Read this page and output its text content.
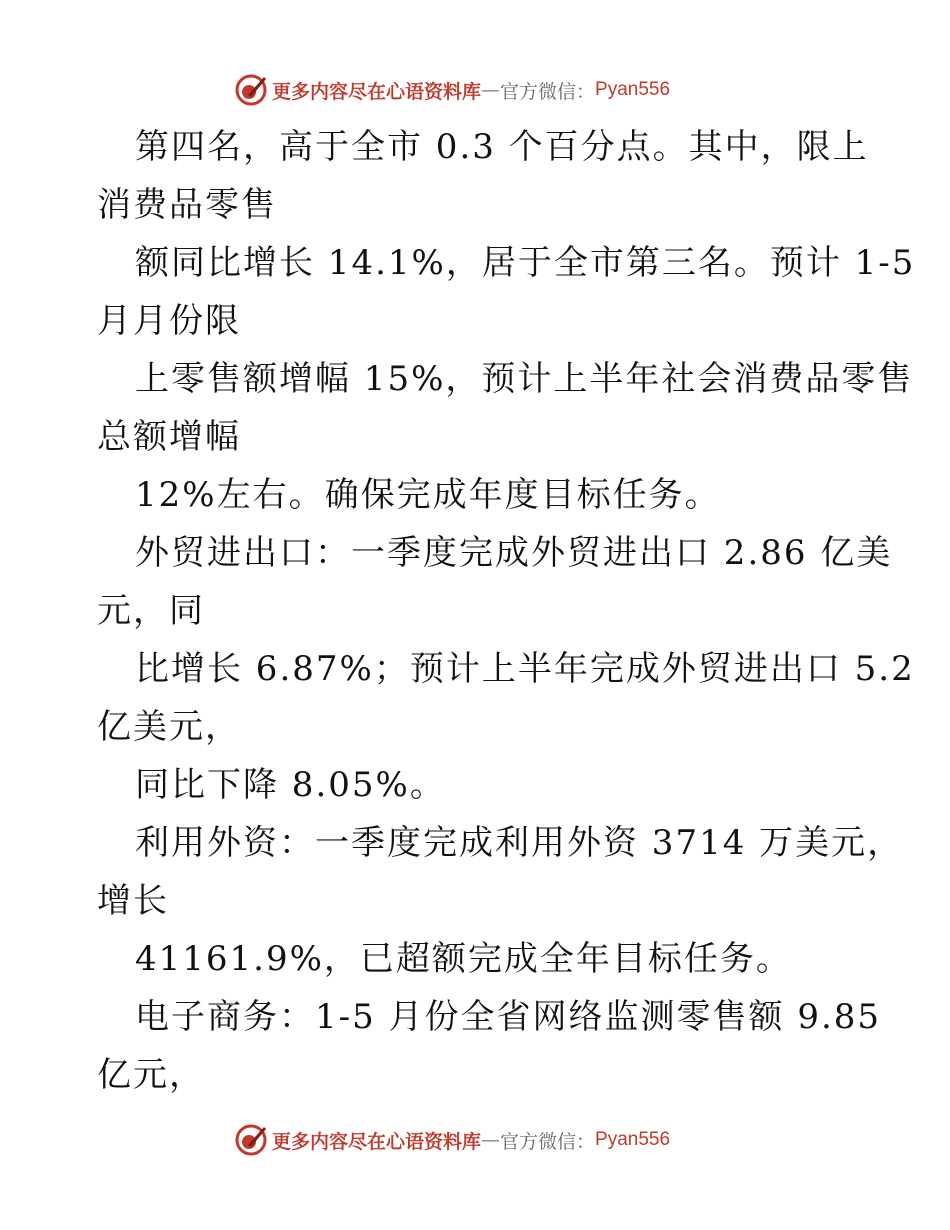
更多内容尽在心语资料库 — 官方微信： Pyan556
第四名，高于全市 0.3 个百分点。其中，限上
消费品零售
额同比增长 14.1%，居于全市第三名。预计 1-5
月月份限
上零售额增幅 15%，预计上半年社会消费品零售
总额增幅
12%左右。确保完成年度目标任务。
外贸进出口：一季度完成外贸进出口 2.86 亿美
元，同
比增长 6.87%；预计上半年完成外贸进出口 5.2
亿美元，
同比下降 8.05%。
利用外资：一季度完成利用外资 3714 万美元，
增长
41161.9%，已超额完成全年目标任务。
电子商务：1-5 月份全省网络监测零售额 9.85
亿元，
更多内容尽在心语资料库 — 官方微信： Pyan556
